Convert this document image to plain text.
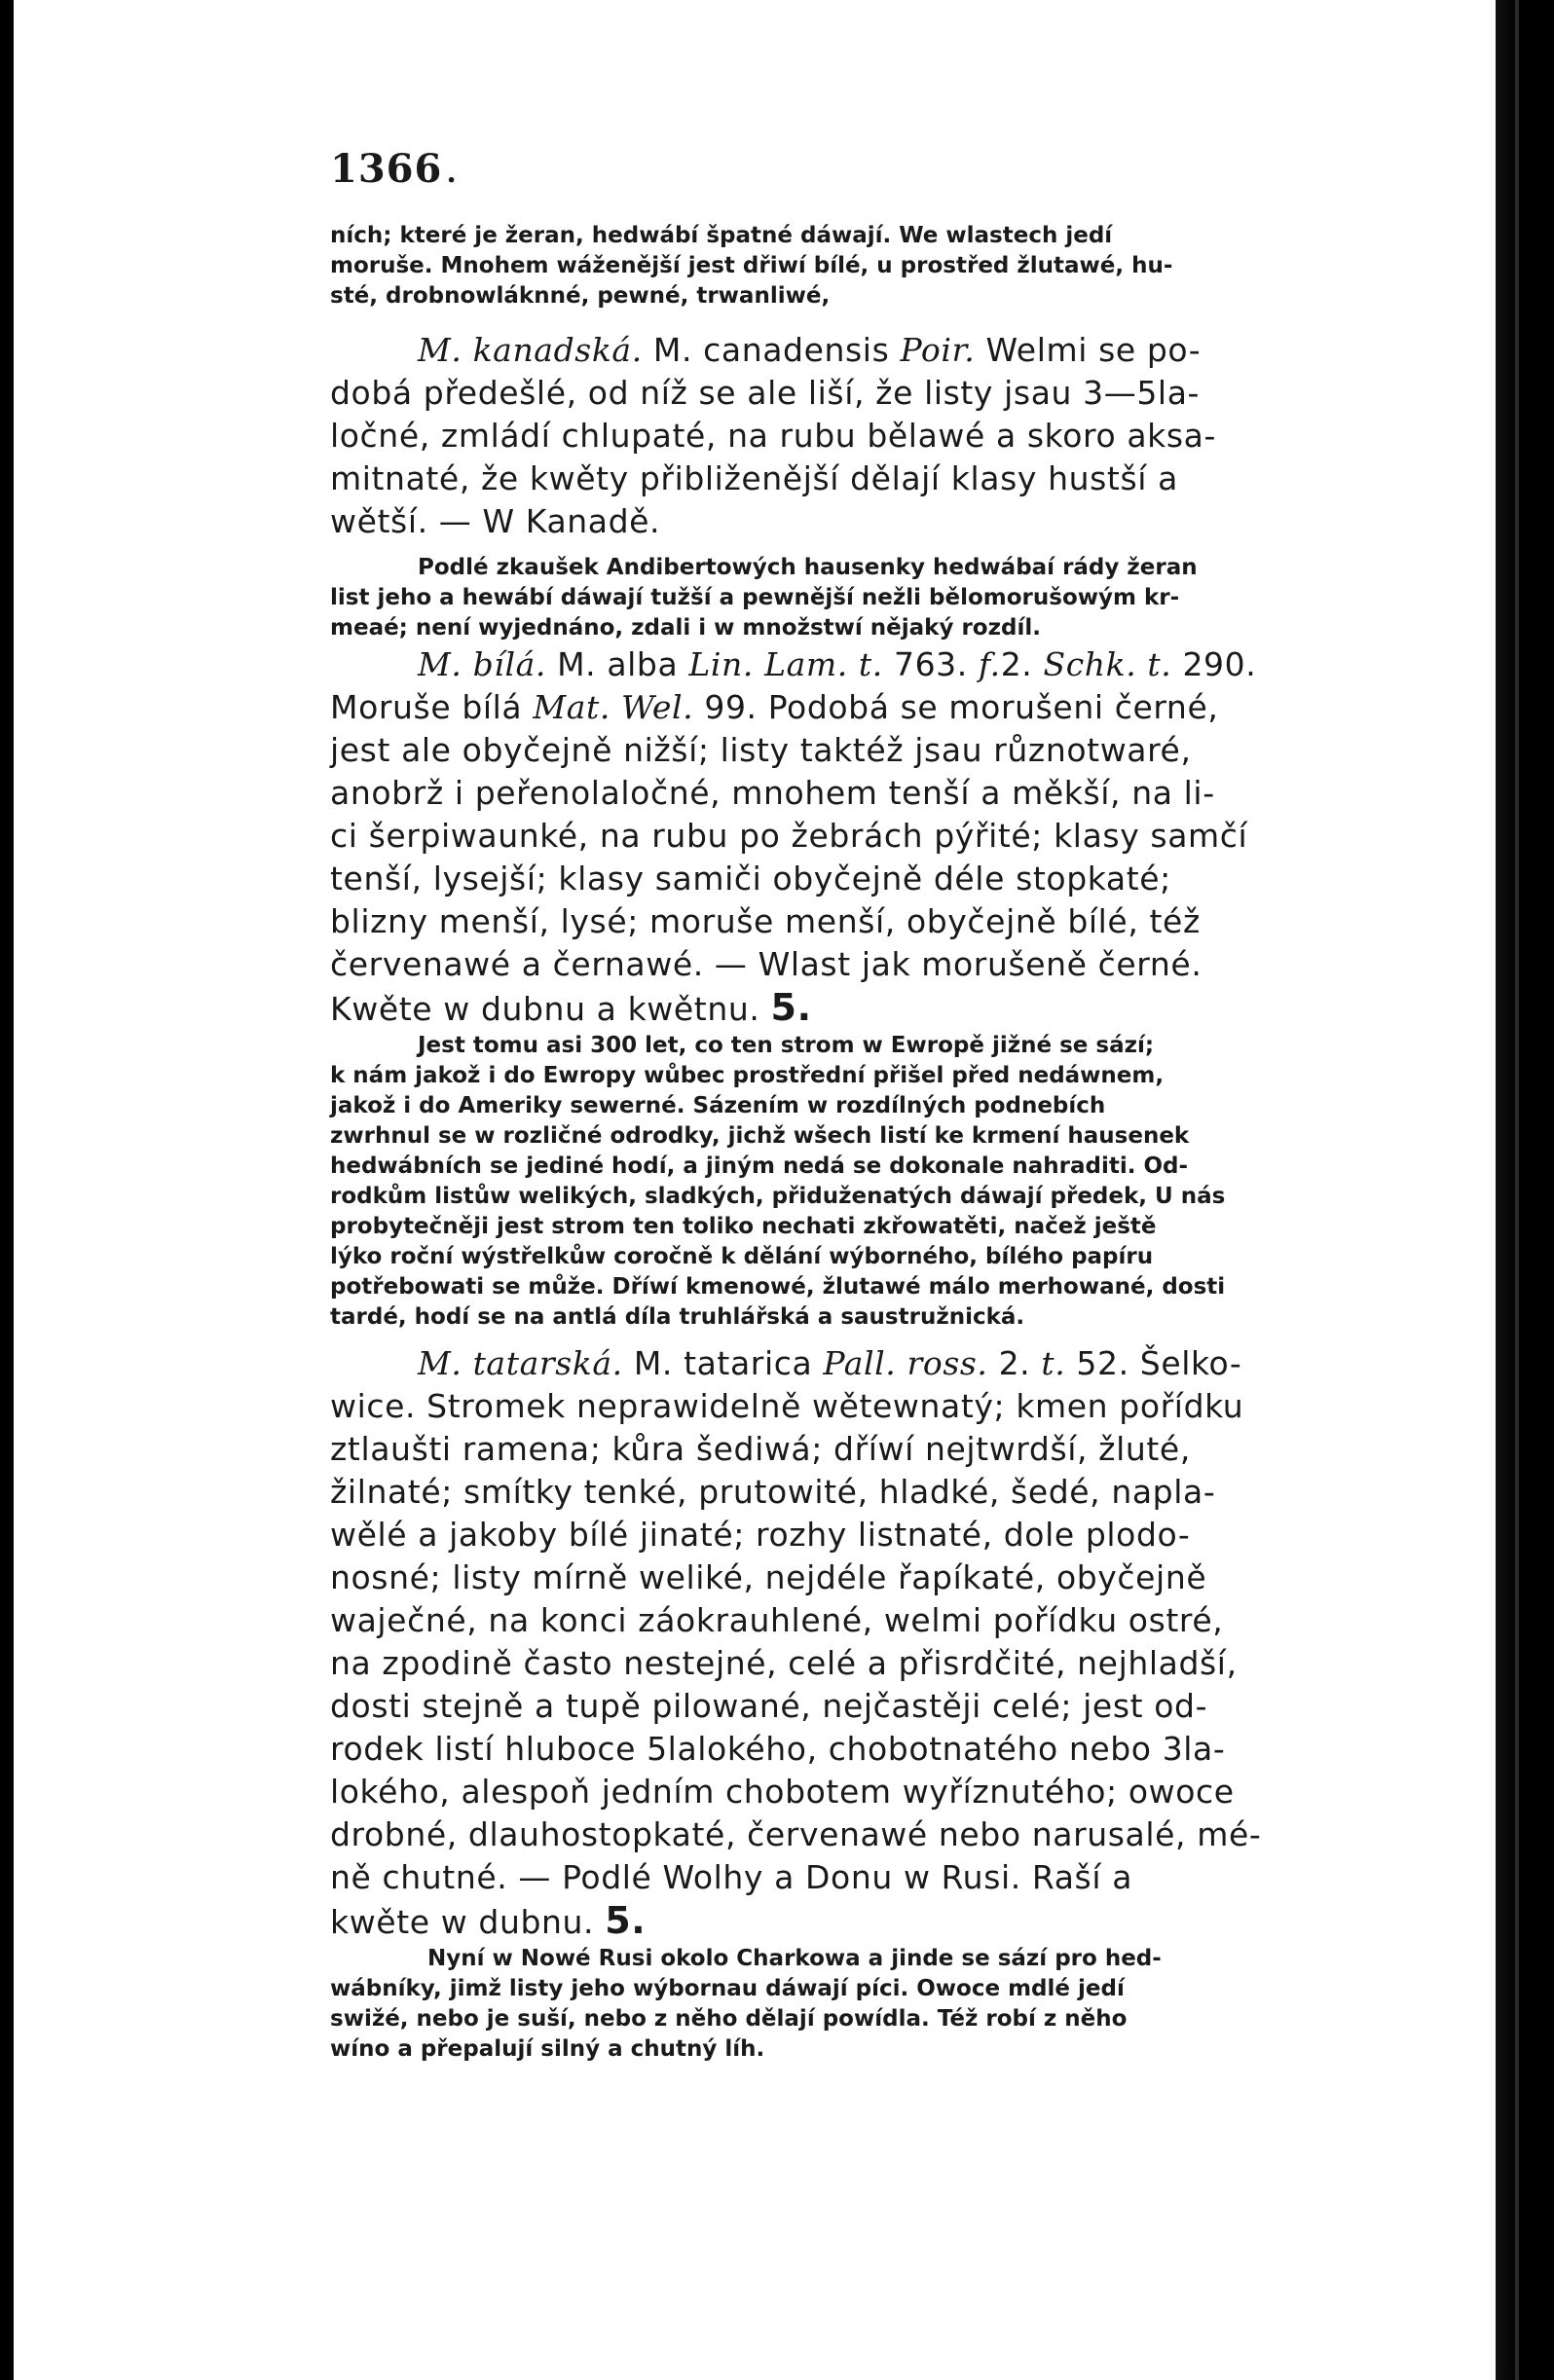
1366 .

ních; které je žeran, hedwábí špatné dáwají. We wlastech jedí

moruše. Mnohem wáženější jest dřiwí bílé, u prostřed žlutawé, hu-

sté, drobnowláknné, pewné, trwanliwé,

M. kanadská. M. canadensis Poir. Welmi se po-

dobá předešlé, od níž se ale liší, že listy jsau 3—5la-

ločné, zmládí chlupaté, na rubu bělawé a skoro aksa-

mitnaté, že kwěty přibliženější dělají klasy hustší a

wětší. — W Kanadě.

Podlé zkaušek Andibertowých hausenky hedwábaí rády žeran

list jeho a hewábí dáwají tužší a pewnější nežli bělomorušowým kr-

meaé; není wyjednáno, zdali i w množstwí nějaký rozdíl.

M. bílá. M. alba Lin. Lam. t. 763. f.2. Schk. t. 290.

Moruše bílá Mat. Wel. 99. Podobá se morušeni černé,

jest ale obyčejně nižší; listy taktéž jsau různotwaré,

anobrž i peřenolaločné, mnohem tenší a měkší, na li-

ci šerpiwaunké, na rubu po žebrách pýřité; klasy samčí

tenší, lysejší; klasy samiči obyčejně déle stopkaté;

blizny menší, lysé; moruše menší, obyčejně bílé, též

červenawé a černawé. — Wlast jak morušeně černé.

Kwěte w dubnu a kwětnu. 5.

Jest tomu asi 300 let, co ten strom w Ewropě jižné se sází;

k nám jakož i do Ewropy wůbec prostřední přišel před nedáwnem,

jakož i do Ameriky sewerné. Sázením w rozdílných podnebích

zwrhnul se w rozličné odrodky, jichž wšech listí ke krmení hausenek

hedwábních se jediné hodí, a jiným nedá se dokonale nahraditi. Od-

rodkům listůw welikých, sladkých, přiduženatých dáwají předek, U nás

probytečněji jest strom ten toliko nechati zkřowatěti, načež ještě

lýko roční wýstřelkůw coročně k dělání wýborného, bílého papíru

potřebowati se může. Dříwí kmenowé, žlutawé málo merhowané, dosti

tardé, hodí se na antlá díla truhlářská a saustružnická.

M. tatarská. M. tatarica Pall. ross. 2. t. 52. Šelko-

wice. Stromek neprawidelně wětewnatý; kmen pořídku

ztlaušti ramena; kůra šediwá; dříwí nejtwrdší, žluté,

žilnaté; smítky tenké, prutowité, hladké, šedé, napla-

wělé a jakoby bílé jinaté; rozhy listnaté, dole plodo-

nosné; listy mírně weliké, nejdéle řapíkaté, obyčejně

waječné, na konci záokrauhlené, welmi pořídku ostré,

na zpodině často nestejné, celé a přisrdčité, nejhladší,

dosti stejně a tupě pilowané, nejčastěji celé; jest od-

rodek listí hluboce 5lalokého, chobotnatého nebo 3la-

lokého, alespoň jedním chobotem wyříznutého; owoce

drobné, dlauhostopkaté, červenawé nebo narusalé, mé-

ně chutné. — Podlé Wolhy a Donu w Rusi. Raší a

kwěte w dubnu. 5.

Nyní w Nowé Rusi okolo Charkowa a jinde se sází pro hed-

wábníky, jimž listy jeho wýbornau dáwají píci. Owoce mdlé jedí

swižé, nebo je suší, nebo z něho dělají powídla. Též robí z něho

wíno a přepalují silný a chutný líh.
